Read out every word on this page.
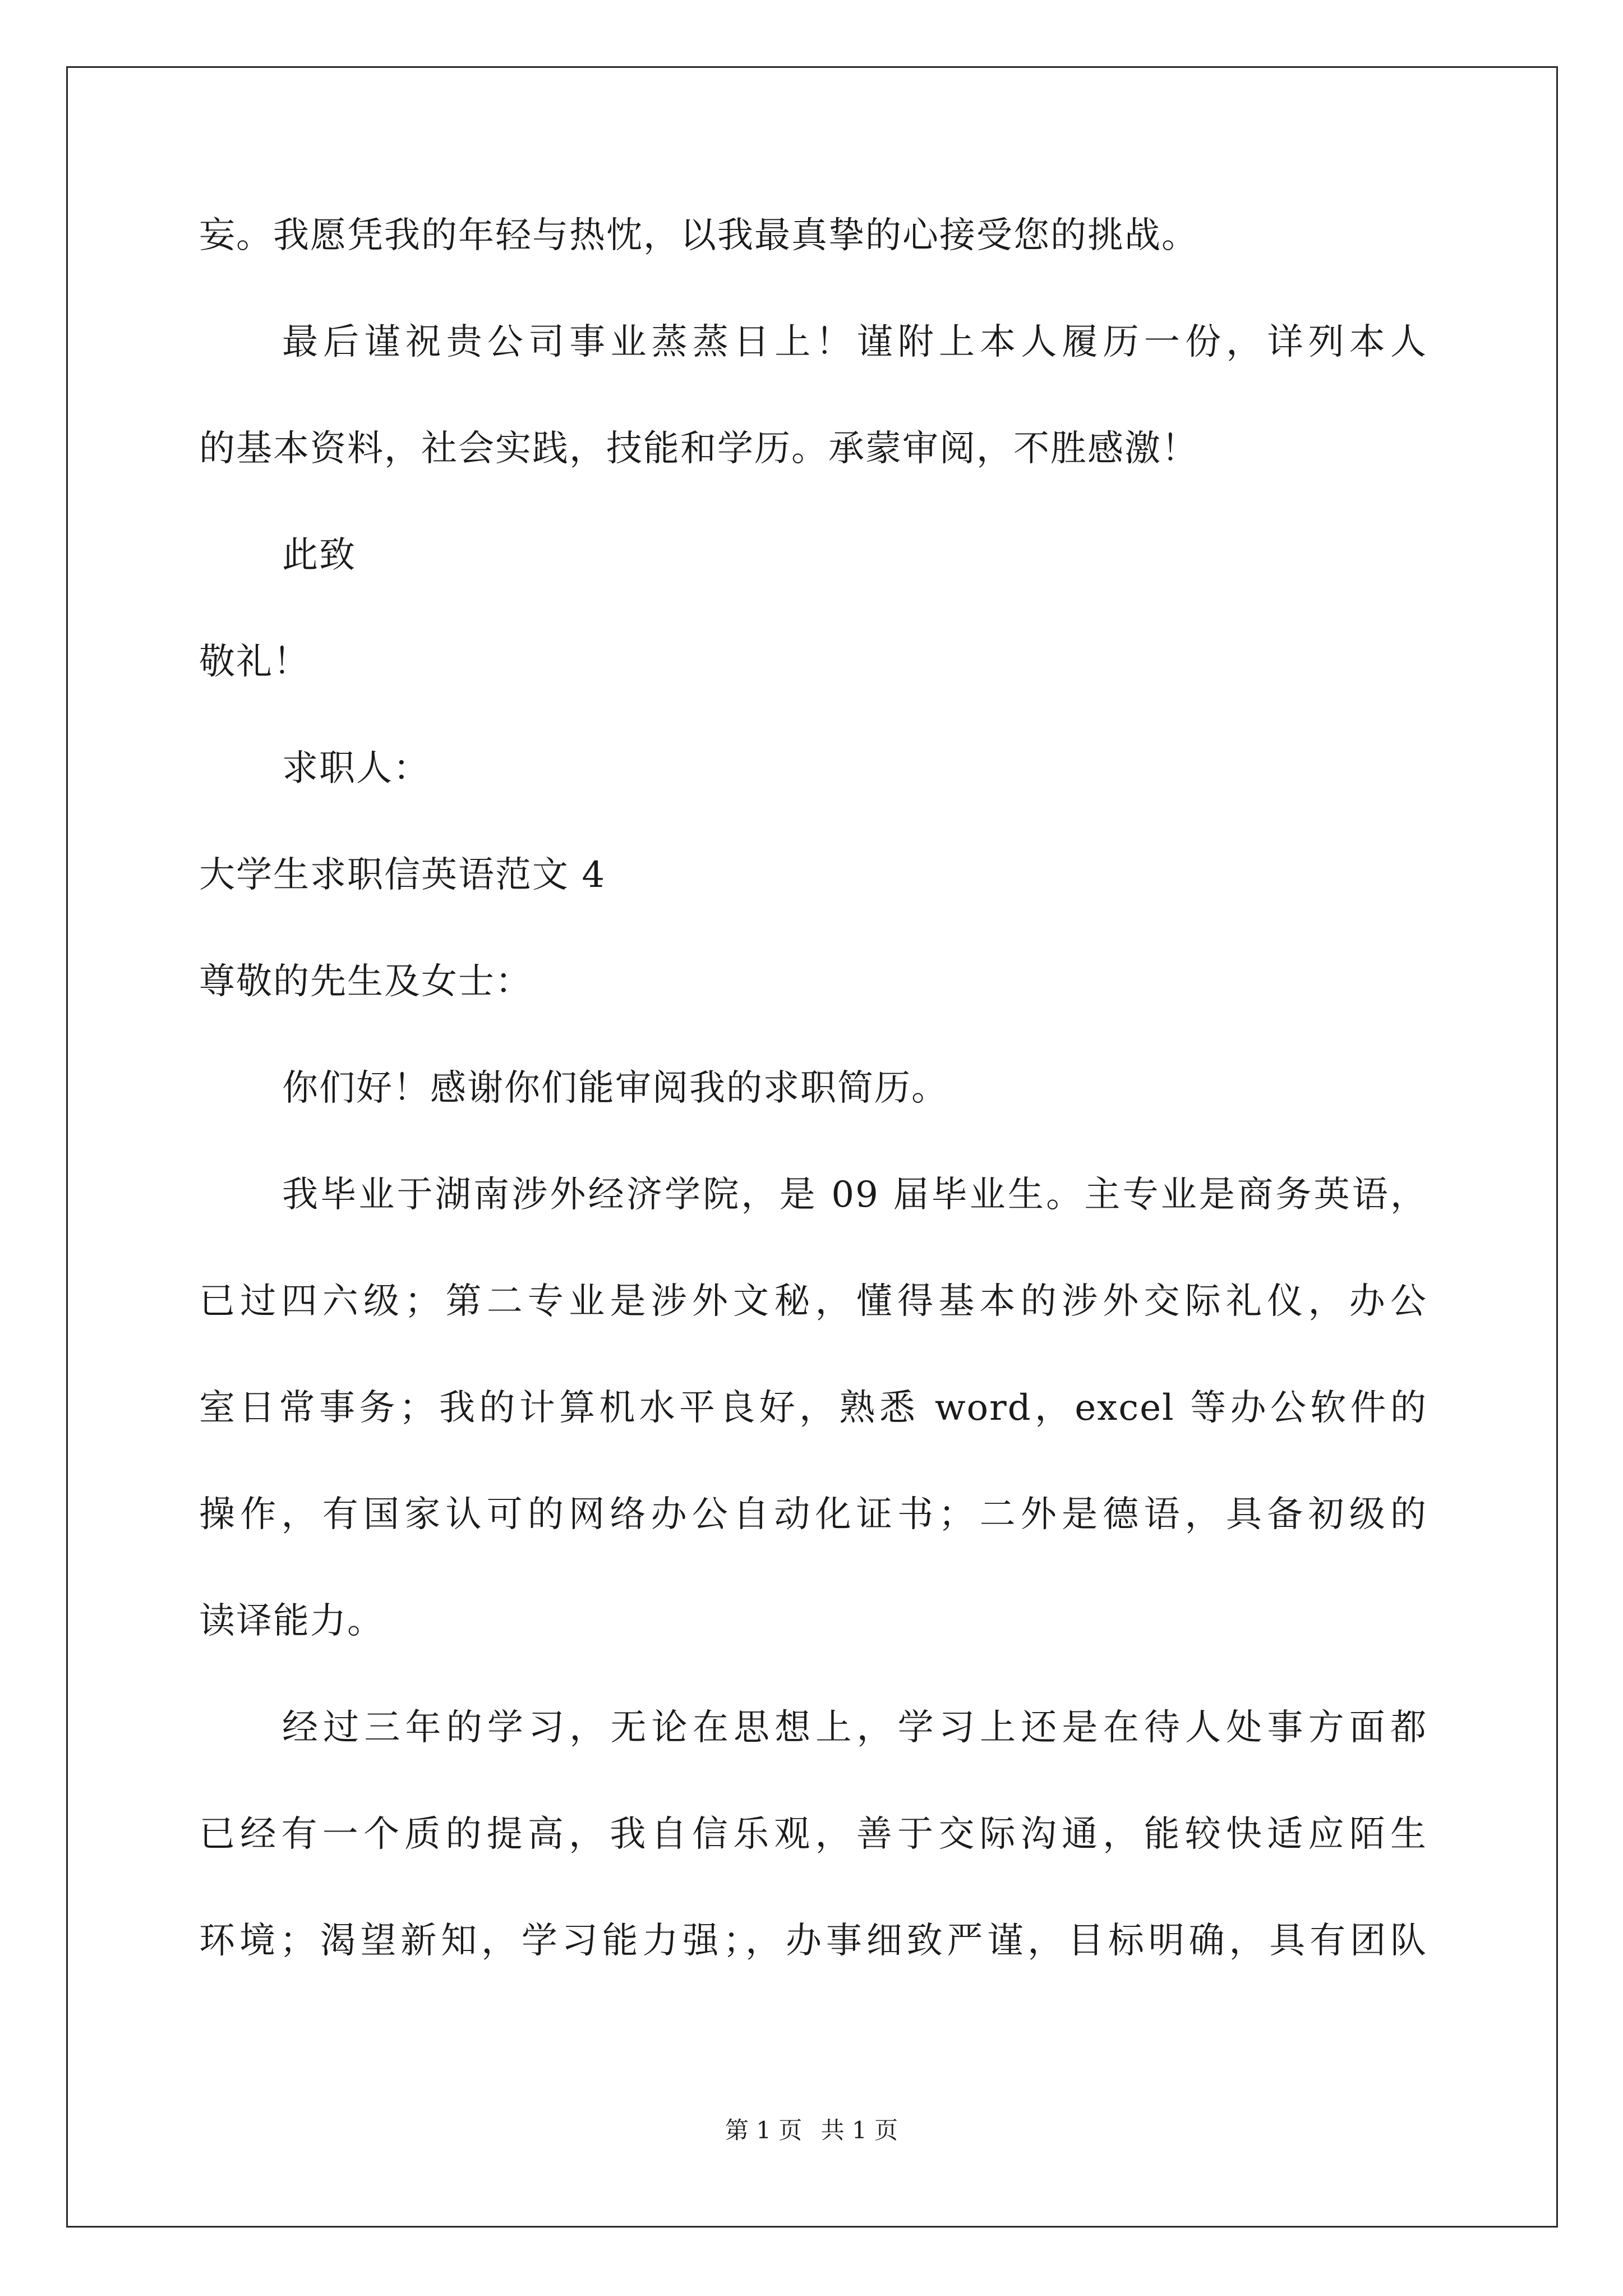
妄。我愿凭我的年轻与热忱，以我最真挚的心接受您的挑战。
最后谨祝贵公司事业蒸蒸日上！谨附上本人履历一份，详列本人
的基本资料，社会实践，技能和学历。承蒙审阅，不胜感激！
此致
敬礼！
求职人：
大学生求职信英语范文 4
尊敬的先生及女士：
你们好！感谢你们能审阅我的求职简历。
我毕业于湖南涉外经济学院，是 09 届毕业生。主专业是商务英语，
已过四六级；第二专业是涉外文秘，懂得基本的涉外交际礼仪，办公
室日常事务；我的计算机水平良好，熟悉 word，excel 等办公软件的
操作，有国家认可的网络办公自动化证书；二外是德语，具备初级的
读译能力。
经过三年的学习，无论在思想上，学习上还是在待人处事方面都
已经有一个质的提高，我自信乐观，善于交际沟通，能较快适应陌生
环境；渴望新知，学习能力强；，办事细致严谨，目标明确，具有团队
第 1 页 共 1 页
